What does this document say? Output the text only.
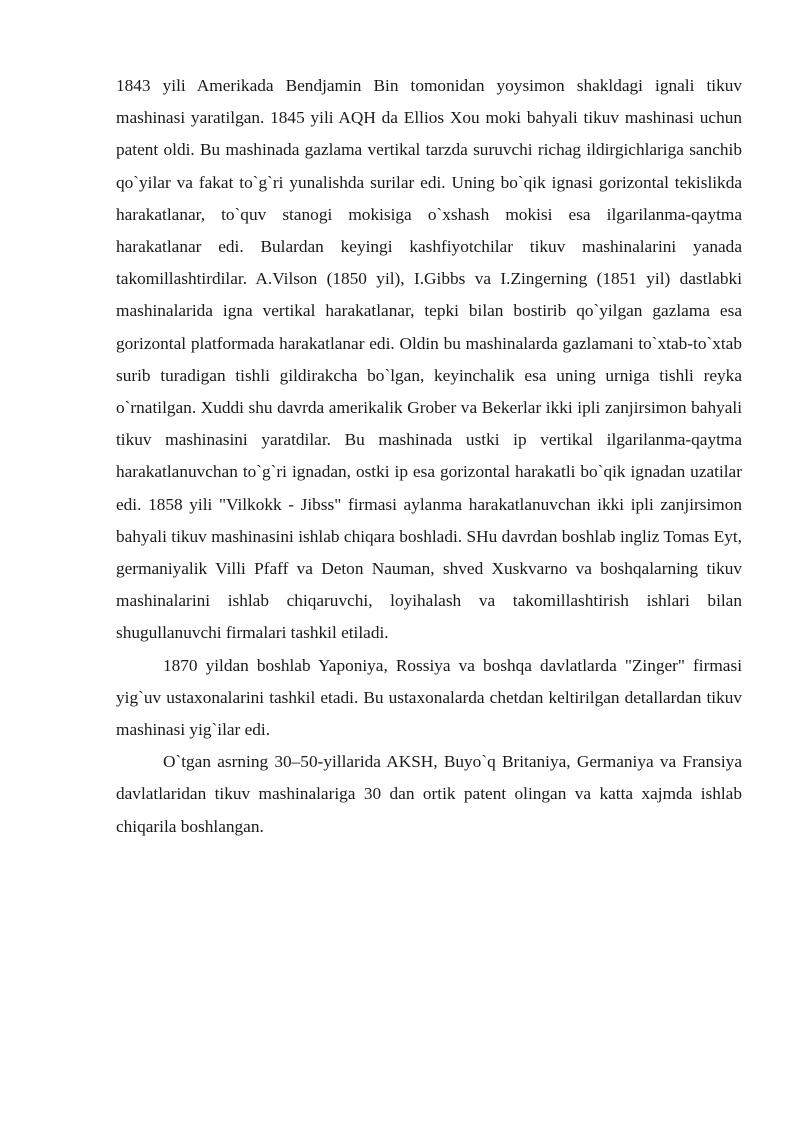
1843 yili Amerikada Bendjamin Bin tomonidan yoysimon shakldagi ignali tikuv mashinasi yaratilgan. 1845 yili AQH da Ellios Xou moki bahyali tikuv mashinasi uchun patent oldi. Bu mashinada gazlama vertikal tarzda suruvchi richag ildirgichlariga sanchib qo`yilar va fakat to`g`ri yunalishda surilar edi. Uning bo`qik ignasi gorizontal tekislikda harakatlanar, to`quv stanogi mokisiga o`xshash mokisi esa ilgarilanma-qaytma harakatlanar edi. Bulardan keyingi kashfiyotchilar tikuv mashinalarini yanada takomillashtirdilar. A.Vilson (1850 yil), I.Gibbs va I.Zingerning (1851 yil) dastlabki mashinalarida igna vertikal harakatlanar, tepki bilan bostirib qo`yilgan gazlama esa gorizontal platformada harakatlanar edi. Oldin bu mashinalarda gazlamani to`xtab-to`xtab surib turadigan tishli gildirakcha bo`lgan, keyinchalik esa uning urniga tishli reyka o`rnatilgan. Xuddi shu davrda amerikalik Grober va Bekerlar ikki ipli zanjirsimon bahyali tikuv mashinasini yaratdilar. Bu mashinada ustki ip vertikal ilgarilanma-qaytma harakatlanuvchan to`g`ri ignadan, ostki ip esa gorizontal harakatli bo`qik ignadan uzatilar edi. 1858 yili "Vilkokk - Jibss" firmasi aylanma harakatlanuvchan ikki ipli zanjirsimon bahyali tikuv mashinasini ishlab chiqara boshladi. SHu davrdan boshlab ingliz Tomas Eyt, germaniyalik Villi Pfaff va Deton Nauman, shved Xuskvarno va boshqalarning tikuv mashinalarini ishlab chiqaruvchi, loyihalash va takomillashtirish ishlari bilan shugullanuvchi firmalari tashkil etiladi.

1870 yildan boshlab Yaponiya, Rossiya va boshqa davlatlarda "Zinger" firmasi yig`uv ustaxonalarini tashkil etadi. Bu ustaxonalarda chetdan keltirilgan detallardan tikuv mashinasi yig`ilar edi.

O`tgan asrning 30–50-yillarida AKSH, Buyo`q Britaniya, Germaniya va Fransiya davlatlaridan tikuv mashinalariga 30 dan ortik patent olingan va katta xajmda ishlab chiqarila boshlangan.
